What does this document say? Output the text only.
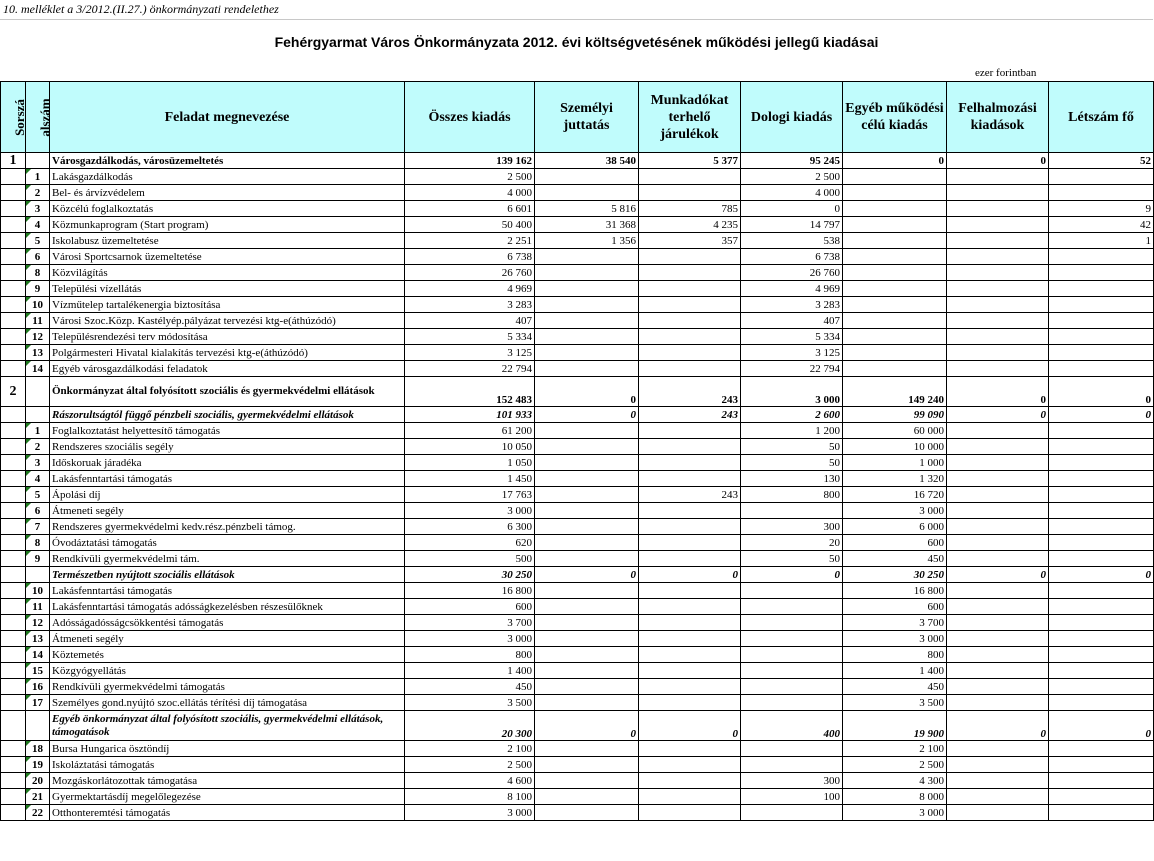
10. melléklet a 3/2012.(II.27.) önkormányzati rendelethez
Fehérgyarmat Város Önkormányzata 2012. évi költségvetésének működési jellegű kiadásai
ezer forintban
Sorszá	alszám	Feladat megnevezése	Összes kiadás	Személyi juttatás	Munkadókat terhelő járulékok	Dologi kiadás	Egyéb működési célú kiadás	Felhalmozási kiadások	Létszám fő
1		Városgazdálkodás, városüzemeltetés	139 162	38 540	5 377	95 245	0	0	52
	1	Lakásgazdálkodás	2 500			2 500			
	2	Bel- és árvízvédelem	4 000			4 000			
	3	Közcélú foglalkoztatás	6 601	5 816	785	0			9
	4	Közmunkaprogram (Start program)	50 400	31 368	4 235	14 797			42
	5	Iskolabusz üzemeltetése	2 251	1 356	357	538			1
	6	Városi Sportcsarnok üzemeltetése	6 738			6 738			
	8	Közvilágítás	26 760			26 760			
	9	Települési vízellátás	4 969			4 969			
	10	Vízműtelep tartalékenergia biztosítása	3 283			3 283			
	11	Városi Szoc.Közp. Kastélyép.pályázat tervezési ktg-e(áthúzódó)	407			407			
	12	Településrendezési terv módosítása	5 334			5 334			
	13	Polgármesteri Hivatal kialakítás tervezési ktg-e(áthúzódó)	3 125			3 125			
	14	Egyéb városgazdálkodási feladatok	22 794			22 794			
2		Önkormányzat által folyósított szociális és gyermekvédelmi ellátások	152 483	0	243	3 000	149 240	0	0
		Rászorultságtól függő pénzbeli szociális, gyermekvédelmi ellátások	101 933	0	243	2 600	99 090	0	0
	1	Foglalkoztatást helyettesítő támogatás	61 200			1 200	60 000		
	2	Rendszeres szociális segély	10 050			50	10 000		
	3	Időskoruak járadéka	1 050			50	1 000		
	4	Lakásfenntartási támogatás	1 450			130	1 320		
	5	Ápolási díj	17 763		243	800	16 720		
	6	Átmeneti segély	3 000				3 000		
	7	Rendszeres gyermekvédelmi kedv.rész.pénzbeli támog.	6 300			300	6 000		
	8	Óvodáztatási támogatás	620			20	600		
	9	Rendkívüli gyermekvédelmi tám.	500			50	450		
		Természetben nyújtott szociális ellátások	30 250	0	0	0	30 250	0	0
	10	Lakásfenntartási támogatás	16 800				16 800		
	11	Lakásfenntartási támogatás adósságkezelésben részesülőknek	600				600		
	12	Adósságadósságcsökkentési támogatás	3 700				3 700		
	13	Átmeneti segély	3 000				3 000		
	14	Köztemetés	800				800		
	15	Közgyógyellátás	1 400				1 400		
	16	Rendkívüli gyermekvédelmi támogatás	450				450		
	17	Személyes gond.nyújtó szoc.ellátás térítési díj támogatása	3 500				3 500		
		Egyéb önkormányzat által folyósított szociális, gyermekvédelmi ellátások, támogatások	20 300	0	0	400	19 900	0	0
	18	Bursa Hungarica ösztöndíj	2 100				2 100		
	19	Iskoláztatási támogatás	2 500				2 500		
	20	Mozgáskorlátozottak támogatása	4 600			300	4 300		
	21	Gyermektartásdíj megelőlegezése	8 100			100	8 000		
	22	Otthonteremtési támogatás	3 000				3 000		
